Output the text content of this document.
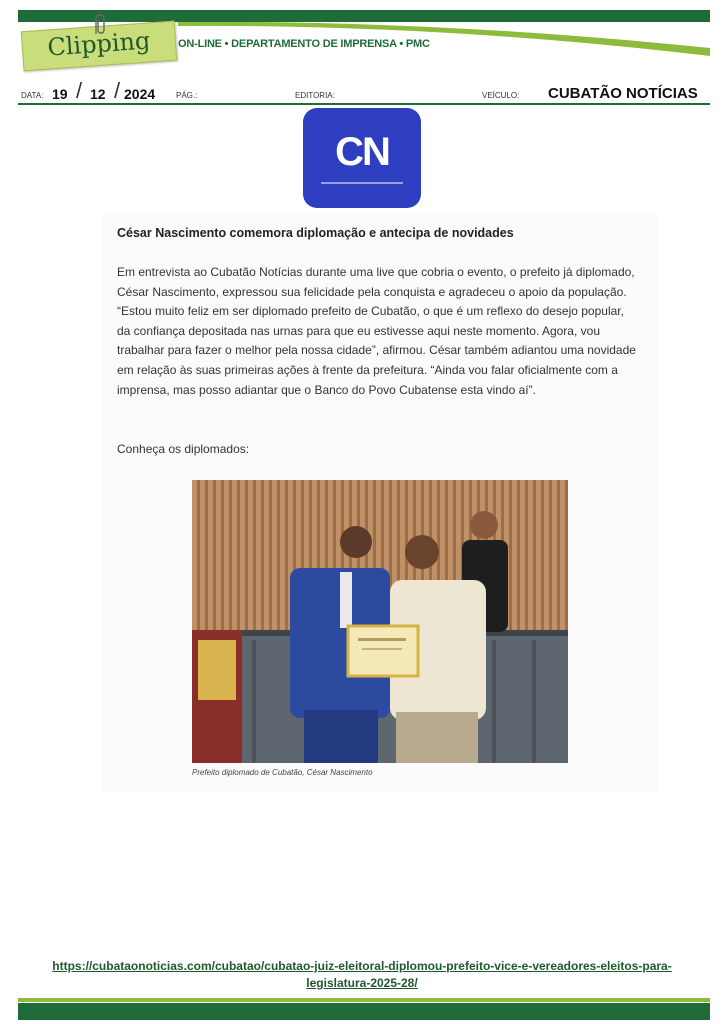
Clipping	ON-LINE • DEPARTAMENTO DE IMPRENSA • PMC
DATA: 19 / 12 / 2024	PÁG.:	EDITORIA:	VEÍCULO: CUBATÃO NOTÍCIAS
CN
César Nascimento comemora diplomação e antecipa de novidades
Em entrevista ao Cubatão Notícias durante uma live que cobria o evento, o prefeito já diplomado, César Nascimento, expressou sua felicidade pela conquista e agradeceu o apoio da população. “Estou muito feliz em ser diplomado prefeito de Cubatão, o que é um reflexo do desejo popular, da confiança depositada nas urnas para que eu estivesse aqui neste momento. Agora, vou trabalhar para fazer o melhor pela nossa cidade”, afirmou. César também adiantou uma novidade em relação às suas primeiras ações à frente da prefeitura. “Ainda vou falar oficialmente com a imprensa, mas posso adiantar que o Banco do Povo Cubatense esta vindo aí”.
Conheça os diplomados:
Prefeito diplomado de Cubatão, César Nascimento
https://cubataonoticias.com/cubatao/cubatao-juiz-eleitoral-diplomou-prefeito-vice-e-vereadores-eleitos-para-legislatura-2025-28/
